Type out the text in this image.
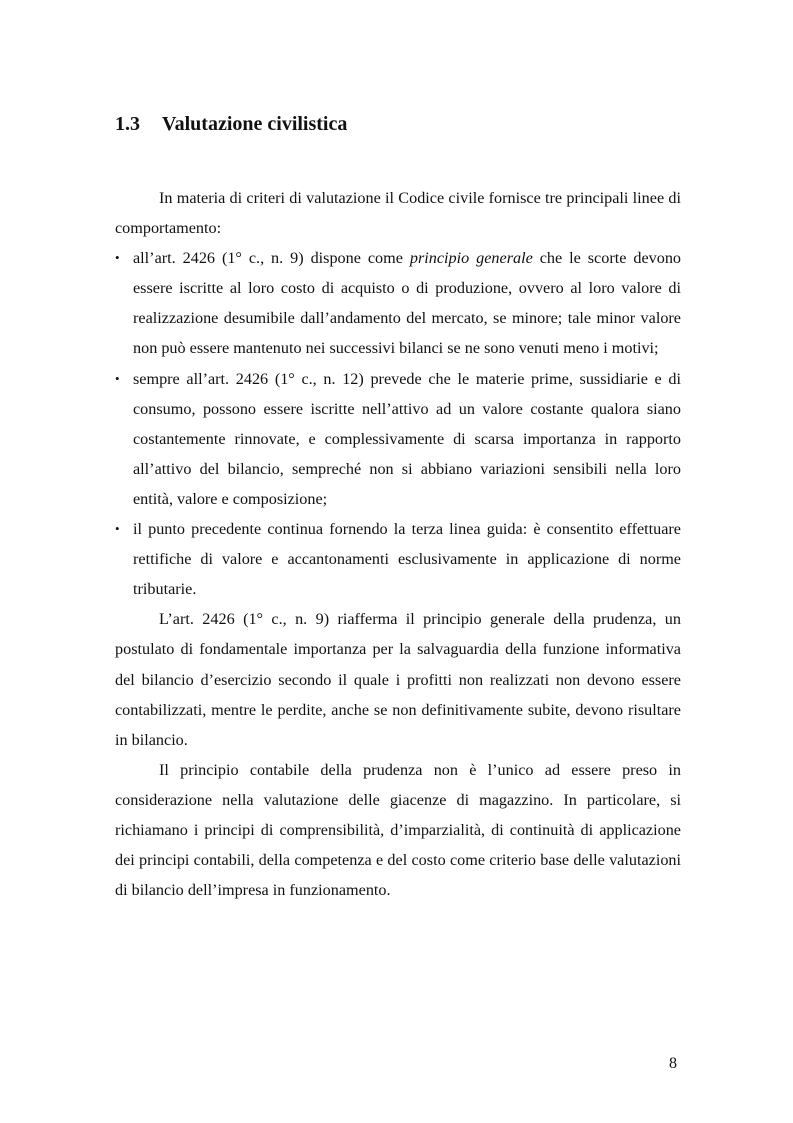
1.3 Valutazione civilistica

In materia di criteri di valutazione il Codice civile fornisce tre principali linee di comportamento:

• all’art. 2426 (1° c., n. 9) dispone come principio generale che le scorte devono essere iscritte al loro costo di acquisto o di produzione, ovvero al loro valore di realizzazione desumibile dall’andamento del mercato, se minore; tale minor valore non può essere mantenuto nei successivi bilanci se ne sono venuti meno i motivi;
• sempre all’art. 2426 (1° c., n. 12) prevede che le materie prime, sussidiarie e di consumo, possono essere iscritte nell’attivo ad un valore costante qualora siano costantemente rinnovate, e complessivamente di scarsa importanza in rapporto all’attivo del bilancio, sempreché non si abbiano variazioni sensibili nella loro entità, valore e composizione;
• il punto precedente continua fornendo la terza linea guida: è consentito effettuare rettifiche di valore e accantonamenti esclusivamente in applicazione di norme tributarie.

L’art. 2426 (1° c., n. 9) riafferma il principio generale della prudenza, un postulato di fondamentale importanza per la salvaguardia della funzione informativa del bilancio d’esercizio secondo il quale i profitti non realizzati non devono essere contabilizzati, mentre le perdite, anche se non definitivamente subite, devono risultare in bilancio.

Il principio contabile della prudenza non è l’unico ad essere preso in considerazione nella valutazione delle giacenze di magazzino. In particolare, si richiamano i principi di comprensibilità, d’imparzialità, di continuità di applicazione dei principi contabili, della competenza e del costo come criterio base delle valutazioni di bilancio dell’impresa in funzionamento.

8
